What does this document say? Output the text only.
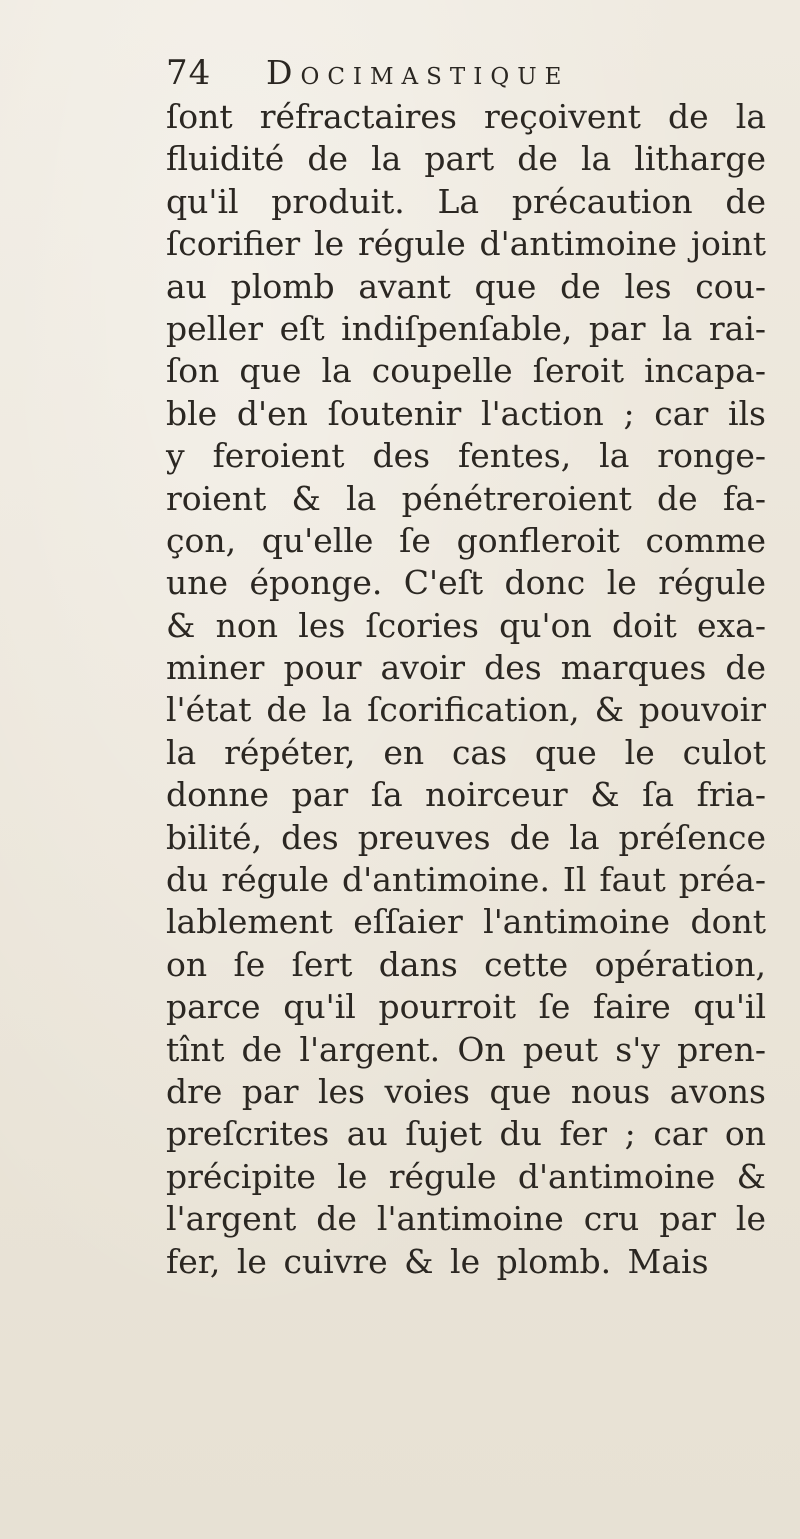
74 Docimastique
ſont réfractaires reçoivent de la
fluidité de la part de la litharge
qu'il produit. La précaution de
ſcorifier le régule d'antimoine joint
au plomb avant que de les cou-
peller eſt indiſpenſable, par la rai-
ſon que la coupelle ſeroit incapa-
ble d'en ſoutenir l'action ; car ils
y feroient des fentes, la ronge-
roient & la pénétreroient de fa-
çon, qu'elle ſe gonfleroit comme
une éponge. C'eſt donc le régule
& non les ſcories qu'on doit exa-
miner pour avoir des marques de
l'état de la ſcorification, & pouvoir
la répéter, en cas que le culot
donne par ſa noirceur & ſa fria-
bilité, des preuves de la préſence
du régule d'antimoine. Il faut préa-
lablement eſſaier l'antimoine dont
on ſe ſert dans cette opération,
parce qu'il pourroit ſe faire qu'il
tînt de l'argent. On peut s'y pren-
dre par les voies que nous avons
preſcrites au ſujet du fer ; car on
précipite le régule d'antimoine &
l'argent de l'antimoine cru par le
fer, le cuivre & le plomb. Mais
